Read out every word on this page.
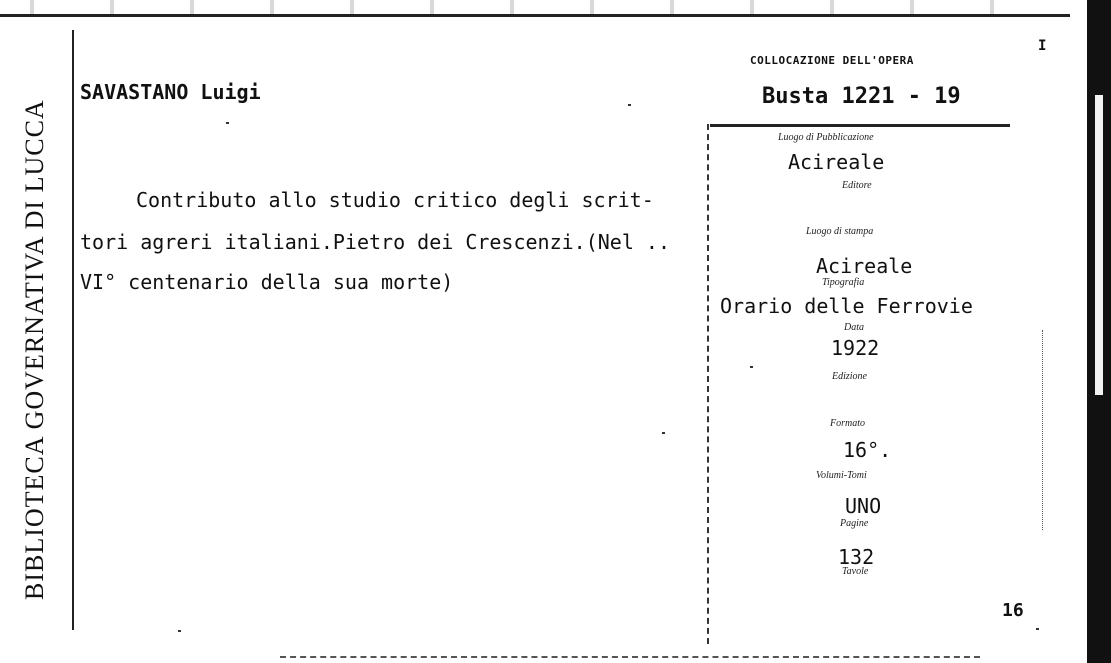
BIBLIOTECA GOVERNATIVA DI LUCCA
SAVASTANO Luigi
Contributo allo studio critico degli scrit-
tori agreri italiani.Pietro dei Crescenzi.(Nel ..
VI° centenario della sua morte)
COLLOCAZIONE DELL'OPERA
I
Busta 1221 - 19
Luogo di Pubblicazione
Acireale
Editore
Luogo di stampa
Acireale
Tipografia
Orario delle Ferrovie
Data
1922
Edizione
Formato
16°.
Volumi-Tomi
UNO
Pagine
132
Tavole
16
